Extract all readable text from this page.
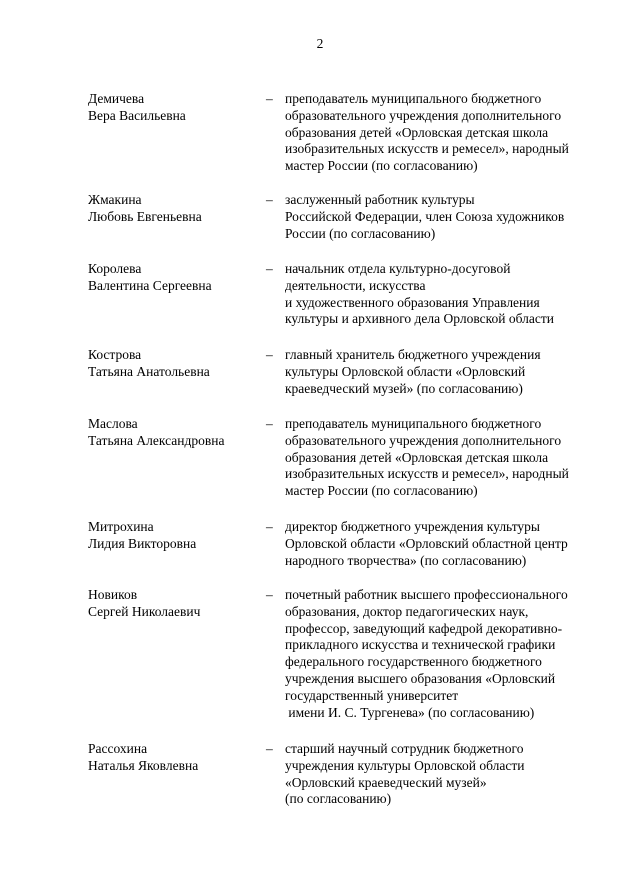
2
Демичева
Вера Васильевна
– преподаватель муниципального бюджетного
образовательного учреждения дополнительного
образования детей «Орловская детская школа
изобразительных искусств и ремесел», народный
мастер России (по согласованию)
Жмакина
Любовь Евгеньевна
– заслуженный работник культуры
Российской Федерации, член Союза художников
России (по согласованию)
Королева
Валентина Сергеевна
– начальник отдела культурно-досуговой
деятельности, искусства
и художественного образования Управления
культуры и архивного дела Орловской области
Кострова
Татьяна Анатольевна
– главный хранитель бюджетного учреждения
культуры Орловской области «Орловский
краеведческий музей» (по согласованию)
Маслова
Татьяна Александровна
– преподаватель муниципального бюджетного
образовательного учреждения дополнительного
образования детей «Орловская детская школа
изобразительных искусств и ремесел», народный
мастер России (по согласованию)
Митрохина
Лидия Викторовна
– директор бюджетного учреждения культуры
Орловской области «Орловский областной центр
народного творчества» (по согласованию)
Новиков
Сергей Николаевич
– почетный работник высшего профессионального
образования, доктор педагогических наук,
профессор, заведующий кафедрой декоративно-
прикладного искусства и технической графики
федерального государственного бюджетного
учреждения высшего образования «Орловский
государственный университет
имени И. С. Тургенева» (по согласованию)
Рассохина
Наталья Яковлевна
– старший научный сотрудник бюджетного
учреждения культуры Орловской области
«Орловский краеведческий музей»
(по согласованию)
